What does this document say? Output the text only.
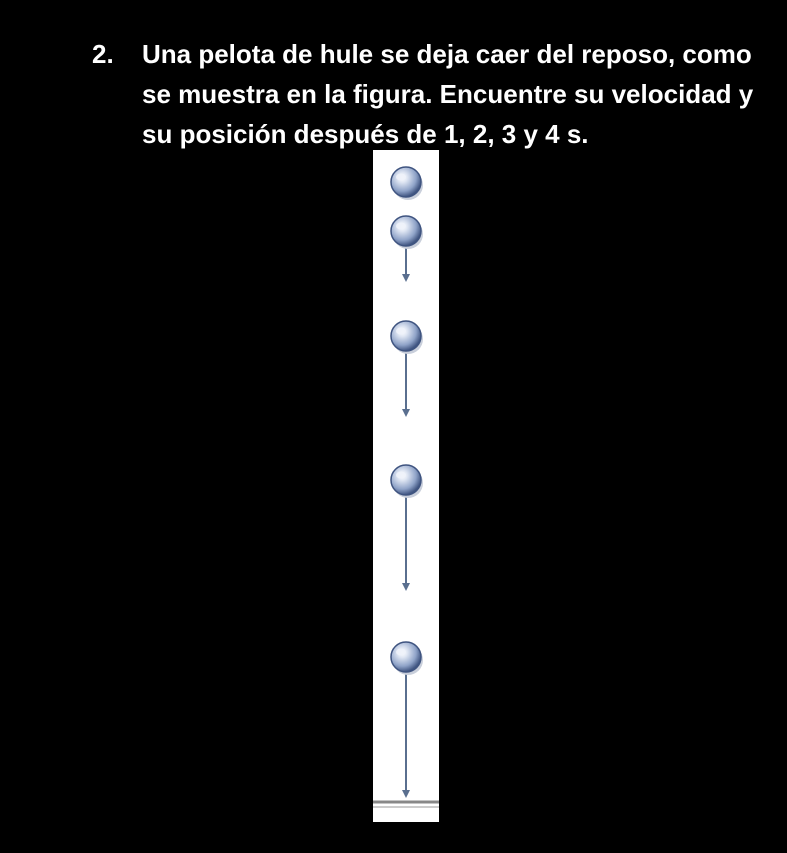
2. Una pelota de hule se deja caer del reposo, como se muestra en la figura. Encuentre su velocidad y su posición después de 1, 2, 3 y 4 s.
